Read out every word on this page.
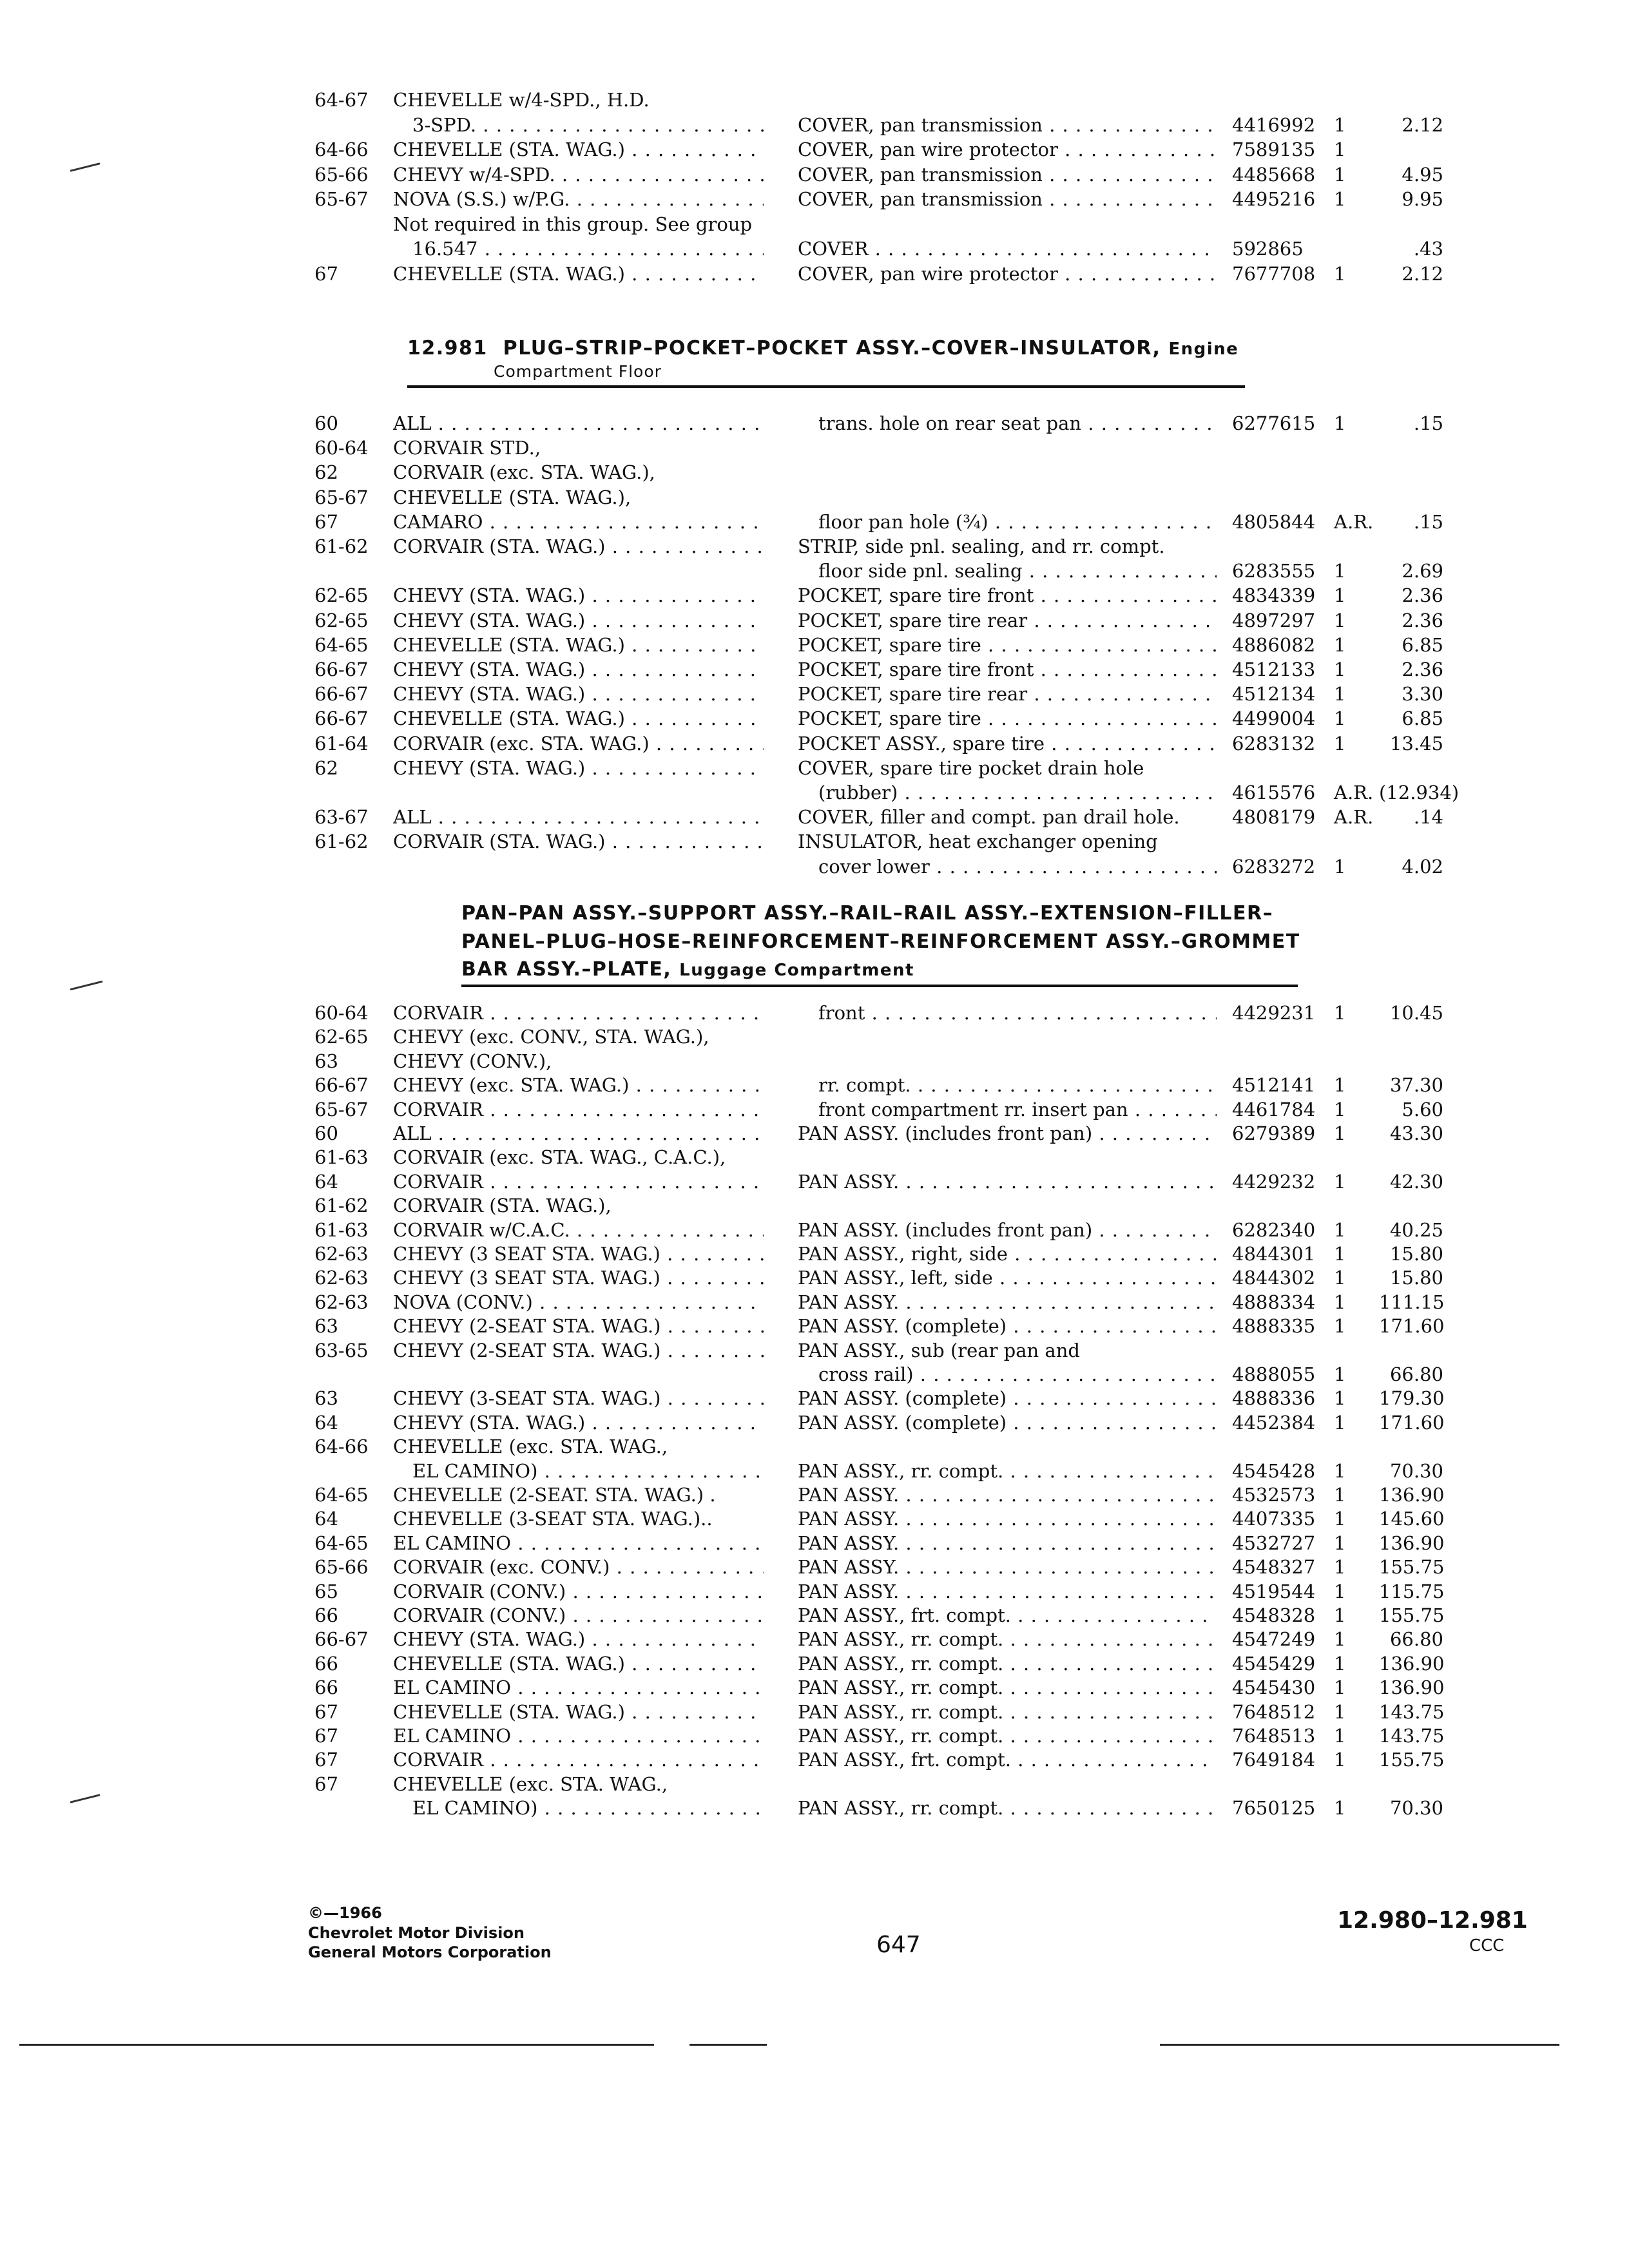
64-67 CHEVELLE w/4-SPD., H.D.
3-SPD. . . .	COVER, pan transmission . . .	4416992 1	2.12
64-66 CHEVELLE (STA. WAG.) . . .	COVER, pan wire protector . . .	7589135 1
65-66 CHEVY w/4-SPD. . . .	COVER, pan transmission . . .	4485668 1	4.95
65-67 NOVA (S.S.) w/P.G. . . .	COVER, pan transmission . . .	4495216 1	9.95
Not required in this group. See group
16.547 . . .	COVER . . .	592865	.43
67	CHEVELLE (STA. WAG.) . . .	COVER, pan wire protector . . .	7677708 1	2.12
12.981 PLUG–STRIP–POCKET–POCKET ASSY.–COVER–INSULATOR, Engine
Compartment Floor
60	ALL . . .	trans. hole on rear seat pan . . .	6277615 1	.15
60-64 CORVAIR STD.,
62	CORVAIR (exc. STA. WAG.),
65-67 CHEVELLE (STA. WAG.),
67	CAMARO . . .	floor pan hole (¾) . . .	4805844 A.R.	.15
61-62 CORVAIR (STA. WAG.) . . .	STRIP, side pnl. sealing, and rr. compt.
floor side pnl. sealing . . .	6283555 1	2.69
62-65 CHEVY (STA. WAG.) . . .	POCKET, spare tire front . . .	4834339 1	2.36
62-65 CHEVY (STA. WAG.) . . .	POCKET, spare tire rear . . .	4897297 1	2.36
64-65 CHEVELLE (STA. WAG.) . . .	POCKET, spare tire . . .	4886082 1	6.85
66-67 CHEVY (STA. WAG.) . . .	POCKET, spare tire front . . .	4512133 1	2.36
66-67 CHEVY (STA. WAG.) . . .	POCKET, spare tire rear . . .	4512134 1	3.30
66-67 CHEVELLE (STA. WAG.) . . .	POCKET, spare tire . . .	4499004 1	6.85
61-64 CORVAIR (exc. STA. WAG.) . . .	POCKET ASSY., spare tire . . .	6283132 1	13.45
62	CHEVY (STA. WAG.) . . .	COVER, spare tire pocket drain hole
(rubber) . . .	4615576 A.R. (12.934)
63-67 ALL . . .	COVER, filler and compt. pan drail hole.	4808179 A.R.	.14
61-62 CORVAIR (STA. WAG.) . . .	INSULATOR, heat exchanger opening
cover lower . . .	6283272 1	4.02
PAN–PAN ASSY.–SUPPORT ASSY.–RAIL–RAIL ASSY.–EXTENSION–FILLER–
PANEL–PLUG–HOSE–REINFORCEMENT–REINFORCEMENT ASSY.–GROMMET
BAR ASSY.–PLATE, Luggage Compartment
60-64 CORVAIR . . .	front . . .	4429231 1	10.45
62-65 CHEVY (exc. CONV., STA. WAG.),
63	CHEVY (CONV.),
66-67 CHEVY (exc. STA. WAG.) . . .	rr. compt. . . .	4512141 1	37.30
65-67 CORVAIR . . .	front compartment rr. insert pan . . .	4461784 1	5.60
60	ALL . . .	PAN ASSY. (includes front pan) . . .	6279389 1	43.30
61-63 CORVAIR (exc. STA. WAG., C.A.C.),
64	CORVAIR . . .	PAN ASSY. . . .	4429232 1	42.30
61-62 CORVAIR (STA. WAG.),
61-63 CORVAIR w/C.A.C. . . .	PAN ASSY. (includes front pan) . . .	6282340 1	40.25
62-63 CHEVY (3 SEAT STA. WAG.) . . .	PAN ASSY., right, side . . .	4844301 1	15.80
62-63 CHEVY (3 SEAT STA. WAG.) . . .	PAN ASSY., left, side . . .	4844302 1	15.80
62-63 NOVA (CONV.) . . .	PAN ASSY. . . .	4888334 1 111.15
63	CHEVY (2-SEAT STA. WAG.) . . .	PAN ASSY. (complete) . . .	4888335 1 171.60
63-65 CHEVY (2-SEAT STA. WAG.) . . .	PAN ASSY., sub (rear pan and
cross rail) . . .	4888055 1	66.80
63	CHEVY (3-SEAT STA. WAG.) . . .	PAN ASSY. (complete) . . .	4888336 1 179.30
64	CHEVY (STA. WAG.) . . .	PAN ASSY. (complete) . . .	4452384 1 171.60
64-66 CHEVELLE (exc. STA. WAG.,
EL CAMINO) . . .	PAN ASSY., rr. compt. . . .	4545428 1	70.30
64-65 CHEVELLE (2-SEAT. STA. WAG.) .	PAN ASSY. . . .	4532573 1 136.90
64	CHEVELLE (3-SEAT STA. WAG.)..	PAN ASSY. . . .	4407335 1 145.60
64-65 EL CAMINO . . .	PAN ASSY. . . .	4532727 1 136.90
65-66 CORVAIR (exc. CONV.) . . .	PAN ASSY. . . .	4548327 1 155.75
65	CORVAIR (CONV.) . . .	PAN ASSY. . . .	4519544 1 115.75
66	CORVAIR (CONV.) . . .	PAN ASSY., frt. compt. . . .	4548328 1 155.75
66-67 CHEVY (STA. WAG.) . . .	PAN ASSY., rr. compt. . . .	4547249 1	66.80
66	CHEVELLE (STA. WAG.) . . .	PAN ASSY., rr. compt. . . .	4545429 1 136.90
66	EL CAMINO . . .	PAN ASSY., rr. compt. . . .	4545430 1 136.90
67	CHEVELLE (STA. WAG.) . . .	PAN ASSY., rr. compt. . . .	7648512 1 143.75
67	EL CAMINO . . .	PAN ASSY., rr. compt. . . .	7648513 1 143.75
67	CORVAIR . . .	PAN ASSY., frt. compt. . . .	7649184 1 155.75
67	CHEVELLE (exc. STA. WAG.,
EL CAMINO) . . .	PAN ASSY., rr. compt. . . .	7650125 1	70.30
©—1966
Chevrolet Motor Division
General Motors Corporation	647
12.980–12.981
CCC
